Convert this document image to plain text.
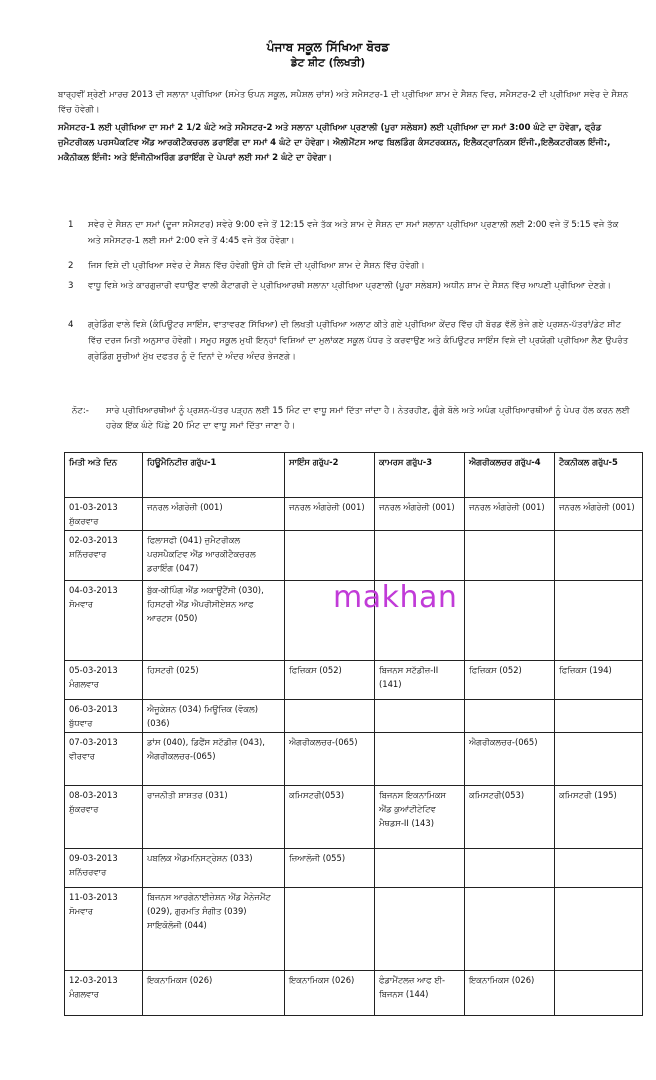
ਪੰਜਾਬ ਸਕੂਲ ਸਿੱਖਿਆ ਬੋਰਡ
ਡੇਟ ਸ਼ੀਟ (ਲਿਖਤੀ)
ਬਾਰ੍ਹਵੀਂ ਸ਼੍ਰੇਣੀ ਮਾਰਚ 2013 ਦੀ ਸਲਾਨਾ ਪ੍ਰੀਖਿਆ (ਸਮੇਤ ਓਪਨ ਸਕੂਲ, ਸਪੈਸ਼ਲ ਚਾਂਸ) ਅਤੇ ਸਮੈਸਟਰ-1 ਦੀ ਪ੍ਰੀਖਿਆ ਸ਼ਾਮ ਦੇ ਸੈਸ਼ਨ ਵਿਚ, ਸਮੈਸਟਰ-2 ਦੀ ਪ੍ਰੀਖਿਆ ਸਵੇਰ ਦੇ ਸੈਸ਼ਨ ਵਿੱਚ ਹੋਵੇਗੀ।
ਸਮੈਸਟਰ-1 ਲਈ ਪ੍ਰੀਖਿਆ ਦਾ ਸਮਾਂ 2 1/2 ਘੰਟੇ ਅਤੇ ਸਮੈਸਟਰ-2 ਅਤੇ ਸਲਾਨਾ ਪ੍ਰੀਖਿਆ ਪ੍ਰਣਾਲੀ (ਪੂਰਾ ਸਲੇਬਸ) ਲਈ ਪ੍ਰੀਖਿਆ ਦਾ ਸਮਾਂ 3:00 ਘੰਟੇ ਦਾ ਹੋਵੇਗਾ, ਫ੍ਰੰਡ ਜੁਮੈਟਰੀਕਲ ਪਰਸਪੈਕਟਿਵ ਐਂਡ ਆਰਕੀਟੈਕਚਰਲ ਡਰਾਇੰਗ ਦਾ ਸਮਾਂ 4 ਘੰਟੇ ਦਾ ਹੋਵੇਗਾ। ਐਲੀਮੈਂਟਸ ਆਫ ਬਿਲਡਿੰਗ ਕੰਸਟਰਕਸ਼ਨ, ਇਲੈਕਟ੍ਰਾਨਿਕਸ ਇੰਜੀ.,ਇਲੈਕਟਰੀਕਲ ਇੰਜੀ:, ਮਕੈਨੀਕਲ ਇੰਜੀ: ਅਤੇ ਇੰਜੀਨੀਅਰਿੰਗ ਡਰਾਇੰਗ ਦੇ ਪੇਪਰਾਂ ਲਈ ਸਮਾਂ 2 ਘੰਟੇ ਦਾ ਹੋਵੇਗਾ।
1	ਸਵੇਰ ਦੇ ਸੈਸ਼ਨ ਦਾ ਸਮਾਂ (ਦੂਜਾ ਸਮੈਸਟਰ) ਸਵੇਰੇ 9:00 ਵਜੇ ਤੋਂ 12:15 ਵਜੇ ਤੱਕ ਅਤੇ ਸ਼ਾਮ ਦੇ ਸੈਸ਼ਨ ਦਾ ਸਮਾਂ ਸਲਾਨਾ ਪ੍ਰੀਖਿਆ ਪ੍ਰਣਾਲੀ ਲਈ 2:00 ਵਜੇ ਤੋਂ 5:15 ਵਜੇ ਤੱਕ ਅਤੇ ਸਮੈਸਟਰ-1 ਲਈ ਸਮਾਂ 2:00 ਵਜੇ ਤੋਂ 4:45 ਵਜੇ ਤੱਕ ਹੋਵੇਗਾ।
2	ਜਿਸ ਵਿਸ਼ੇ ਦੀ ਪ੍ਰੀਖਿਆ ਸਵੇਰ ਦੇ ਸੈਸ਼ਨ ਵਿੱਚ ਹੋਵੇਗੀ ਉਸੇ ਹੀ ਵਿਸ਼ੇ ਦੀ ਪ੍ਰੀਖਿਆ ਸ਼ਾਮ ਦੇ ਸੈਸ਼ਨ ਵਿੱਚ ਹੋਵੇਗੀ।
3	ਵਾਧੂ ਵਿਸ਼ੇ ਅਤੇ ਕਾਰਗੁਜ਼ਾਰੀ ਵਧਾਉਣ ਵਾਲੀ ਕੈਟਾਗਰੀ ਦੇ ਪ੍ਰੀਖਿਆਰਥੀ ਸਲਾਨਾ ਪ੍ਰੀਖਿਆ ਪ੍ਰਣਾਲੀ (ਪੂਰਾ ਸਲੇਬਸ) ਅਧੀਨ ਸ਼ਾਮ ਦੇ ਸੈਸ਼ਨ ਵਿੱਚ ਆਪਣੀ ਪ੍ਰੀਖਿਆ ਦੇਣਗੇ।
4	ਗ੍ਰੇਡਿੰਗ ਵਾਲੇ ਵਿਸ਼ੇ (ਕੰਪਿਊਟਰ ਸਾਇੰਸ, ਵਾਤਾਵਰਣ ਸਿੱਖਿਆ) ਦੀ ਲਿਖਤੀ ਪ੍ਰੀਖਿਆ ਅਲਾਟ ਕੀਤੇ ਗਏ ਪ੍ਰੀਖਿਆ ਕੇਂਦਰ ਵਿੱਚ ਹੀ ਬੋਰਡ ਵੱਲੋਂ ਭੇਜੇ ਗਏ ਪ੍ਰਸ਼ਨ-ਪੱਤਰਾਂ/ਡੇਟ ਸ਼ੀਟ ਵਿੱਚ ਦਰਜ ਮਿਤੀ ਅਨੁਸਾਰ ਹੋਵੇਗੀ। ਸਮੂਹ ਸਕੂਲ ਮੁਖੀ ਇਨ੍ਹਾਂ ਵਿਸ਼ਿਆਂ ਦਾ ਮੁਲਾਂਕਣ ਸਕੂਲ ਪੱਧਰ ਤੇ ਕਰਵਾਉਣ ਅਤੇ ਕੰਪਿਊਟਰ ਸਾਇੰਸ ਵਿਸ਼ੇ ਦੀ ਪ੍ਰਯੋਗੀ ਪ੍ਰੀਖਿਆ ਲੈਣ ਉਪਰੰਤ ਗ੍ਰੇਡਿੰਗ ਸੂਚੀਆਂ ਮੁੱਖ ਦਫਤਰ ਨੂੰ ਦੋ ਦਿਨਾਂ ਦੇ ਅੰਦਰ ਅੰਦਰ ਭੇਜਣਗੇ।
ਨੋਟ:-	ਸਾਰੇ ਪ੍ਰੀਖਿਆਰਥੀਆਂ ਨੂੰ ਪ੍ਰਸ਼ਨ-ਪੱਤਰ ਪੜ੍ਹਨ ਲਈ 15 ਮਿੰਟ ਦਾ ਵਾਧੂ ਸਮਾਂ ਦਿੱਤਾ ਜਾਂਦਾ ਹੈ। ਨੇਤਰਹੀਣ, ਗੂੰਗੇ ਬੋਲੇ ਅਤੇ ਅਪੰਗ ਪ੍ਰੀਖਿਆਰਥੀਆਂ ਨੂੰ ਪੇਪਰ ਹੱਲ ਕਰਨ ਲਈ ਹਰੇਕ ਇੱਕ ਘੰਟੇ ਪਿੱਛੇ 20 ਮਿੰਟ ਦਾ ਵਾਧੂ ਸਮਾਂ ਦਿੱਤਾ ਜਾਣਾ ਹੈ।
ਮਿਤੀ ਅਤੇ ਦਿਨ	ਹਿਊਮੈਨਿਟੀਜ਼ ਗਰੁੱਪ-1	ਸਾਇੰਸ ਗਰੁੱਪ-2	ਕਾਮਰਸ ਗਰੁੱਪ-3	ਐਗਰੀਕਲਚਰ ਗਰੁੱਪ-4	ਟੈਕਨੀਕਲ ਗਰੁੱਪ-5

01-03-2013
ਸ਼ੁੱਕਰਵਾਰ	ਜਨਰਲ ਅੰਗਰੇਜ਼ੀ (001)	ਜਨਰਲ ਅੰਗਰੇਜ਼ੀ (001)	ਜਨਰਲ ਅੰਗਰੇਜ਼ੀ (001)	ਜਨਰਲ ਅੰਗਰੇਜ਼ੀ (001)	ਜਨਰਲ ਅੰਗਰੇਜ਼ੀ (001)

02-03-2013
ਸ਼ਨਿੱਚਰਵਾਰ	ਫਿਲਾਸਫੀ (041) ਜੁਮੈਟਰੀਕਲ ਪਰਸਪੈਕਟਿਵ ਐਂਡ ਆਰਕੀਟੈਕਚਰਲ ਡਰਾਇੰਗ (047)				

04-03-2013
ਸੋਮਵਾਰ	ਬੁੱਕ-ਕੀਪਿੰਗ ਐਂਡ ਅਕਾਊਂਟੈਂਸੀ (030), ਹਿਸਟਰੀ ਐਂਡ ਐਪਰੀਸੀਏਸ਼ਨ ਆਫ ਆਰਟਸ (050)				

05-03-2013
ਮੰਗਲਵਾਰ	ਹਿਸਟਰੀ (025)	ਫਿਜ਼ਿਕਸ (052)	ਬਿਜਨਸ ਸਟੱਡੀਜ਼-II (141)	ਫਿਜ਼ਿਕਸ (052)	ਫਿਜ਼ਿਕਸ (194)

06-03-2013
ਬੁੱਧਵਾਰ	ਐਜੂਕੇਸ਼ਨ (034) ਮਿਊਜ਼ਿਕ (ਵੋਕਲ) (036)				

07-03-2013
ਵੀਰਵਾਰ	ਡਾਂਸ (040), ਡਿਫੈਂਸ ਸਟੱਡੀਜ਼ (043), ਐਗਰੀਕਲਚਰ-(065)	ਐਗਰੀਕਲਚਰ-(065)		ਐਗਰੀਕਲਚਰ-(065)	

08-03-2013
ਸ਼ੁੱਕਰਵਾਰ	ਰਾਜਨੀਤੀ ਸ਼ਾਸ਼ਤਰ (031)	ਕਮਿਸਟਰੀ(053)	ਬਿਜਨਸ ਇਕਨਾਮਿਕਸ ਐਂਡ ਕੁਆਂਟੀਟੇਟਿਵ ਮੈਥਡਸ-II (143)	ਕਮਿਸਟਰੀ(053)	ਕਮਿਸਟਰੀ (195)

09-03-2013
ਸ਼ਨਿੱਚਰਵਾਰ	ਪਬਲਿਕ ਐਡਮਨਿਸਟ੍ਰੇਸ਼ਨ (033)	ਜ਼ਿਆਲੋਜੀ (055)			

11-03-2013
ਸੋਮਵਾਰ	ਬਿਜਨਸ ਆਰਗੇਨਾਈਜ਼ੇਸ਼ਨ ਐਂਡ ਮੈਨੇਜਮੈਂਟ (029), ਗੁਰਮਤਿ ਸੰਗੀਤ (039) ਸਾਇਕੋਲੋਜੀ (044)				

12-03-2013
ਮੰਗਲਵਾਰ	ਇਕਨਾਮਿਕਸ (026)	ਇਕਨਾਮਿਕਸ (026)	ਫੰਡਾਮੈਂਟਲਜ਼ ਆਫ ਈ-ਬਿਜਨਸ (144)	ਇਕਨਾਮਿਕਸ (026)	
makhan
